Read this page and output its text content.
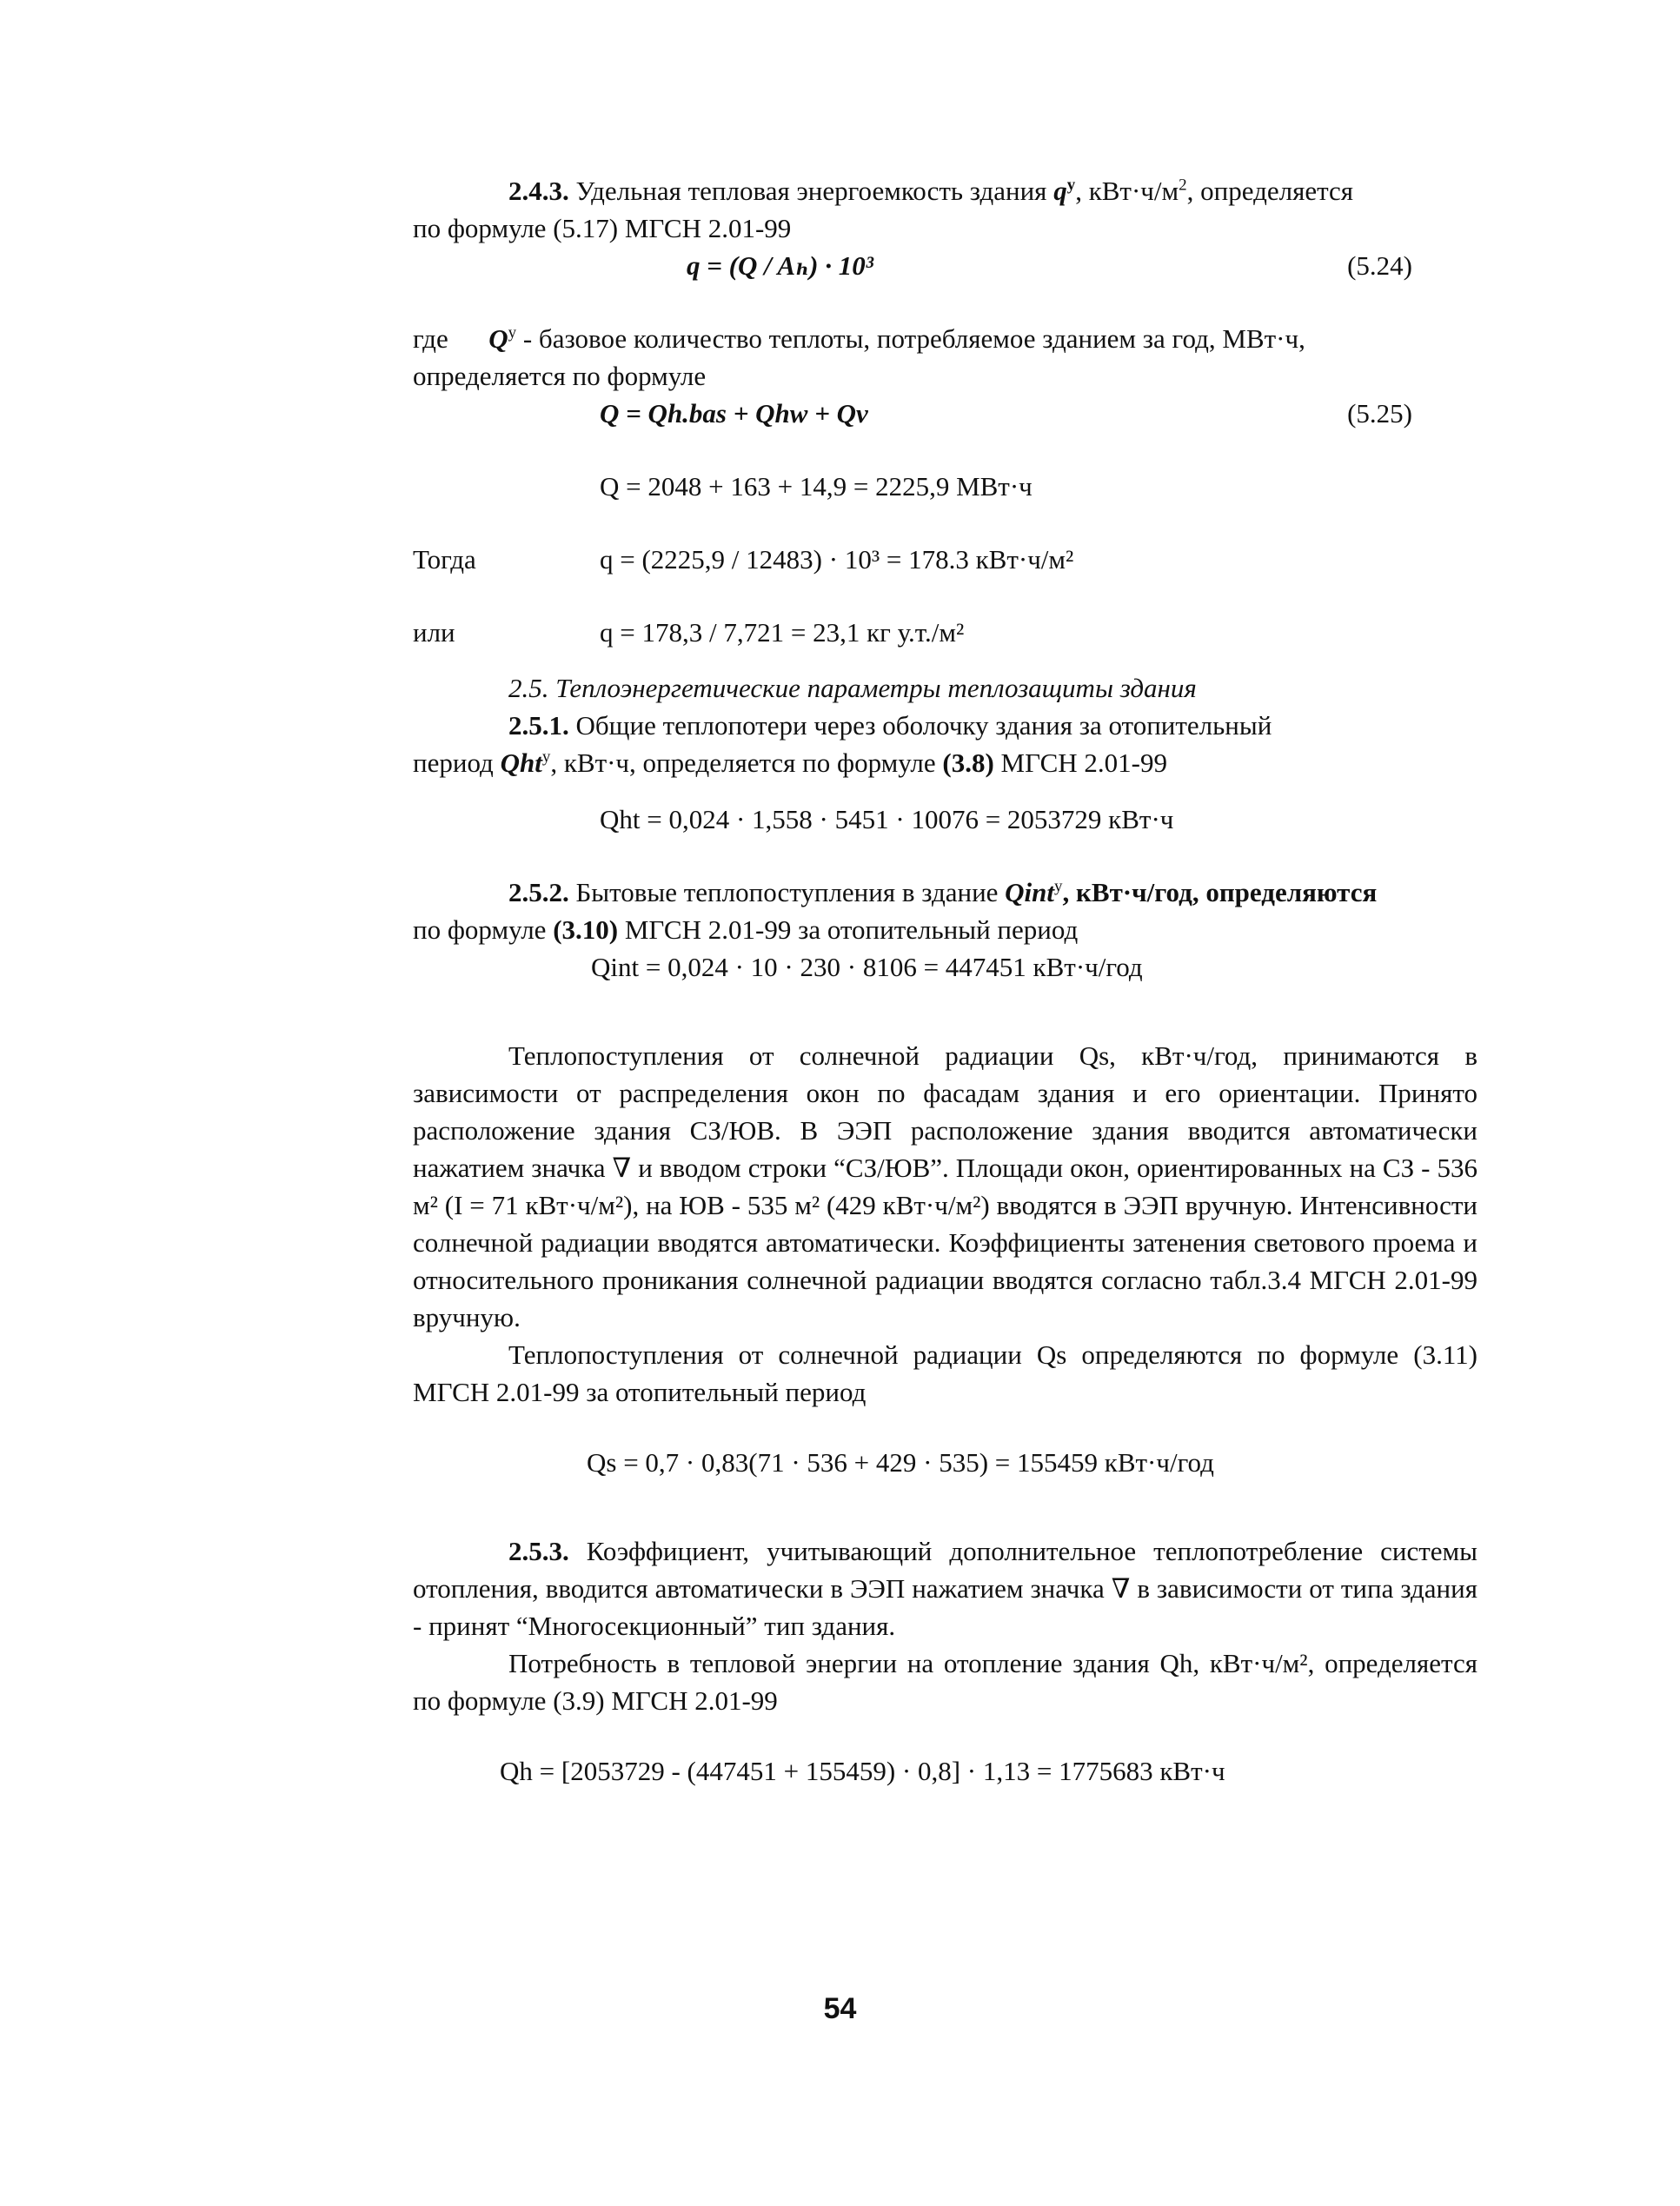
2.4.3. Удельная тепловая энергоемкость здания $q^у$, $кВт\cdot ч/м^2$, определяется

по формуле (5.17) МГСН 2.01-99

q = (Q / Aₕ) · 10³	(5.24)

где $Q^у$ - базовое количество теплоты, потребляемое зданием за год, МВт·ч,

определяется по формуле

Q = Qh.bas + Qhw + Qv	(5.25)
Q = 2048 + 163 + 14,9 = 2225,9 МВт·ч
Тогда	q = (2225,9 / 12483) · 10³ = 178.3 кВт·ч/м²
или	q = 178,3 / 7,721 = 23,1 кг у.т./м²

2.5. Теплоэнергетические параметры теплозащиты здания

2.5.1. Общие теплопотери через оболочку здания за отопительный

период Qht$^у$, кВт·ч, определяется по формуле (3.8) МГСН 2.01-99

Qht = 0,024 · 1,558 · 5451 · 10076 = 2053729 кВт·ч

2.5.2. Бытовые теплопоступления в здание Qint$^у$, кВт·ч/год, определяются

по формуле (3.10) МГСН 2.01-99 за отопительный период

Qint = 0,024 · 10 · 230 · 8106 = 447451 кВт·ч/год

Теплопоступления от солнечной радиации Qs, кВт·ч/год, принимаются в зависимости от распределения окон по фасадам здания и его ориентации. Принято расположение здания СЗ/ЮВ. В ЭЭП расположение здания вводится автоматически нажатием значка ∇ и вводом строки “СЗ/ЮВ”. Площади окон, ориентированных на СЗ - 536 м² (I = 71 кВт·ч/м²), на ЮВ - 535 м² (429 кВт·ч/м²) вводятся в ЭЭП вручную. Интенсивности солнечной радиации вводятся автоматически. Коэффициенты затенения светового проема и относительного проникания солнечной радиации вводятся согласно табл.3.4 МГСН 2.01-99 вручную.

Теплопоступления от солнечной радиации Qs определяются по формуле (3.11) МГСН 2.01-99 за отопительный период

Qs = 0,7 · 0,83(71 · 536 + 429 · 535) = 155459 кВт·ч/год

2.5.3. Коэффициент, учитывающий дополнительное теплопотребление системы отопления, вводится автоматически в ЭЭП нажатием значка ∇ в зависимости от типа здания - принят “Многосекционный” тип здания.

Потребность в тепловой энергии на отопление здания Qh, кВт·ч/м², определяется по формуле (3.9) МГСН 2.01-99

Qh = [2053729 - (447451 + 155459) · 0,8] · 1,13 = 1775683 кВт·ч
54
